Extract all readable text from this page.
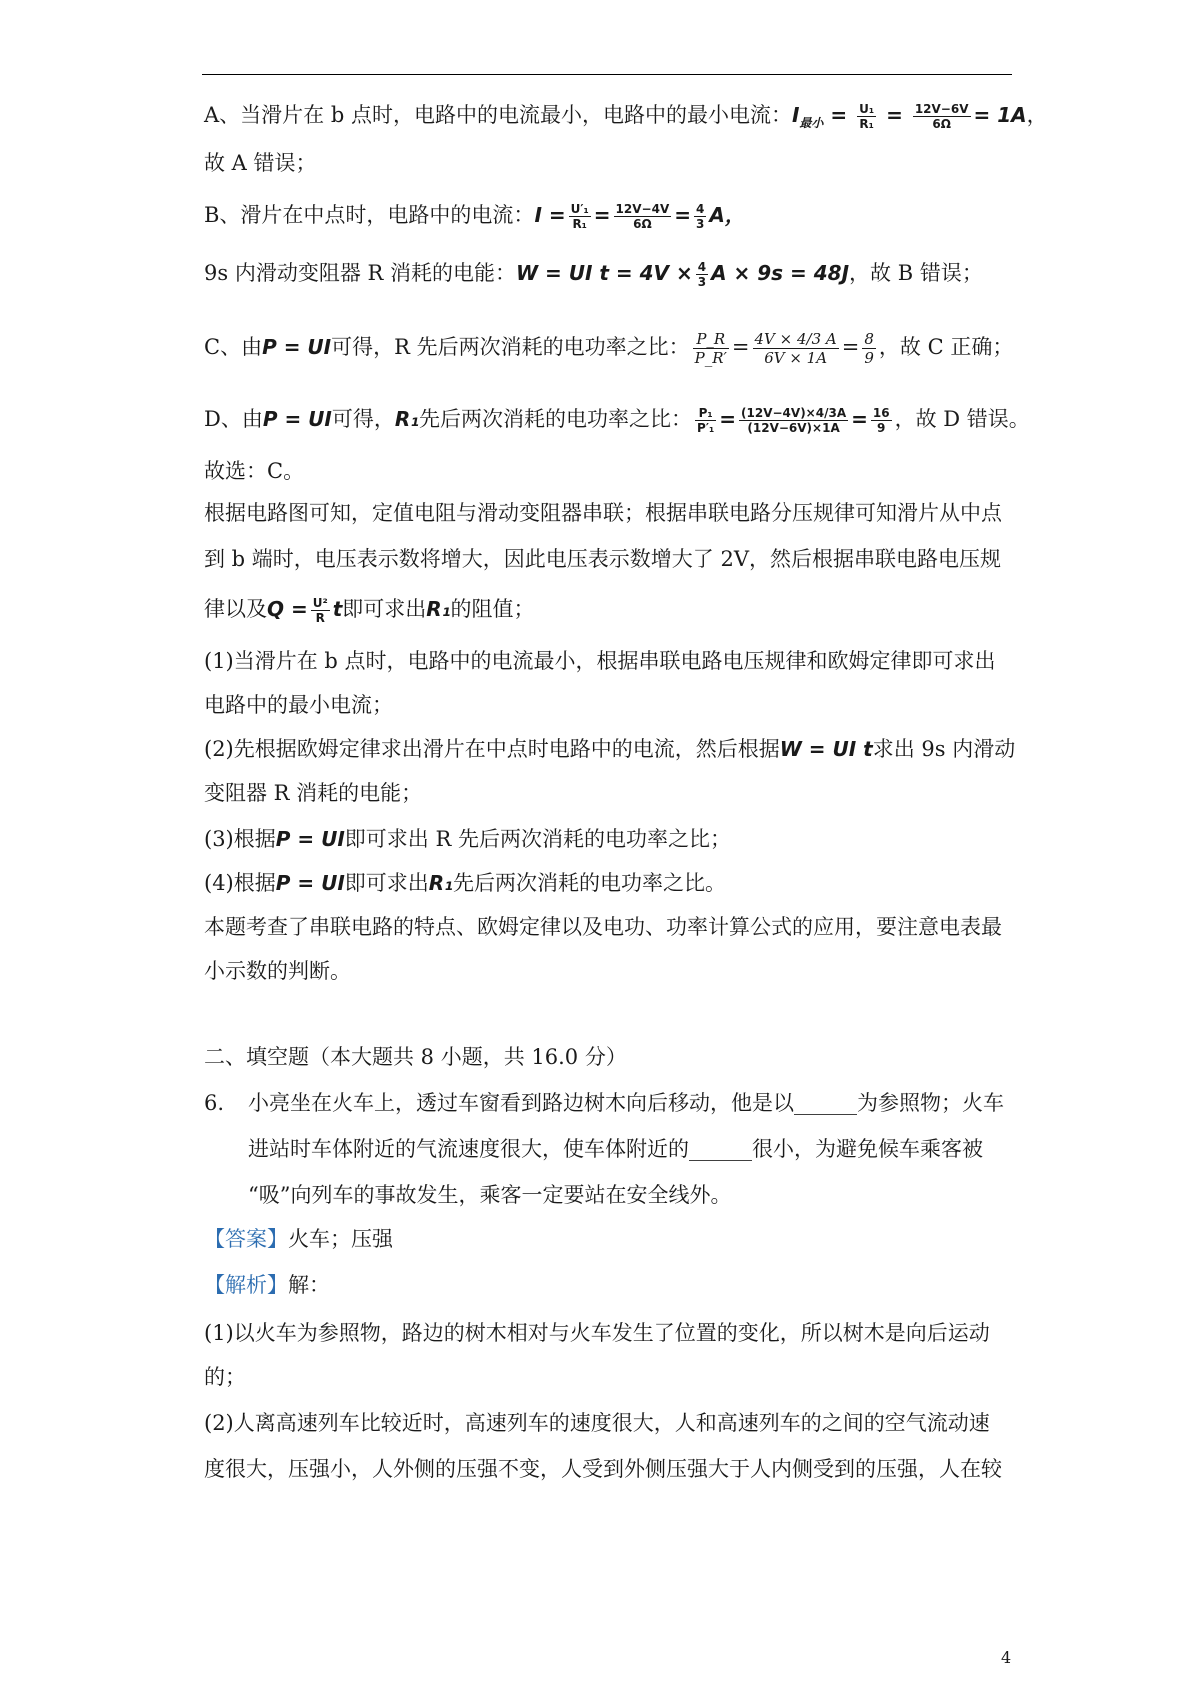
A、当滑片在 b 点时，电路中的电流最小，电路中的最小电流：$I_{最小} = \frac{\text{U₁}}{\text{R₁}} = \frac{12V-6V}{6\Omega} = 1A$，
故 A 错误；
B、滑片在中点时，电路中的电流：$I = \frac{\text{U′₁}}{\text{R₁}} = \frac{12V-4V}{6\Omega} = \frac{4}{3}$ A，
9s 内滑动变阻器 R 消耗的电能：W = UI $t = 4V \times \frac{4}{3}$ A × 9s = 48J，故 B 错误；
C、由P = UI可得，R 先后两次消耗的电功率之比： $\frac{P\_R}{P\_R'} = \frac{4V \times 4/3 A}{6V \times 1A} = \frac{8}{9}$ ，故 C 正确；
D、由P = UI可得，R₁先后两次消耗的电功率之比： $\frac{\text{P₁}}{\text{P′₁}} = \frac{(12V-4V)\times 4/3A}{(12V-6V)\times 1A} = \frac{16}{9}$ ，故 D 错误。
故选：C。
根据电路图可知，定值电阻与滑动变阻器串联；根据串联电路分压规律可知滑片从中点
到 b 端时，电压表示数将增大，因此电压表示数增大了 2V，然后根据串联电路电压规
律以及$Q = \frac{\text{U²}}{R}$ t即可求出R₁的阻值；
(1)当滑片在 b 点时，电路中的电流最小，根据串联电路电压规律和欧姆定律即可求出
电路中的最小电流；
(2)先根据欧姆定律求出滑片在中点时电路中的电流，然后根据W = UI t求出 9s 内滑动
变阻器 R 消耗的电能；
(3)根据P = UI即可求出 R 先后两次消耗的电功率之比；
(4)根据P = UI即可求出R₁先后两次消耗的电功率之比。
本题考查了串联电路的特点、欧姆定律以及电功、功率计算公式的应用，要注意电表最
小示数的判断。
二、填空题（本大题共 8 小题，共 16.0 分）
6. 小亮坐在火车上，透过车窗看到路边树木向后移动，他是以______为参照物；火车
进站时车体附近的气流速度很大，使车体附近的______很小，为避免候车乘客被
“吸”向列车的事故发生，乘客一定要站在安全线外。
【答案】火车；压强
【解析】解：
(1)以火车为参照物，路边的树木相对与火车发生了位置的变化，所以树木是向后运动
的；
(2)人离高速列车比较近时，高速列车的速度很大，人和高速列车的之间的空气流动速
度很大，压强小，人外侧的压强不变，人受到外侧压强大于人内侧受到的压强，人在较
4
